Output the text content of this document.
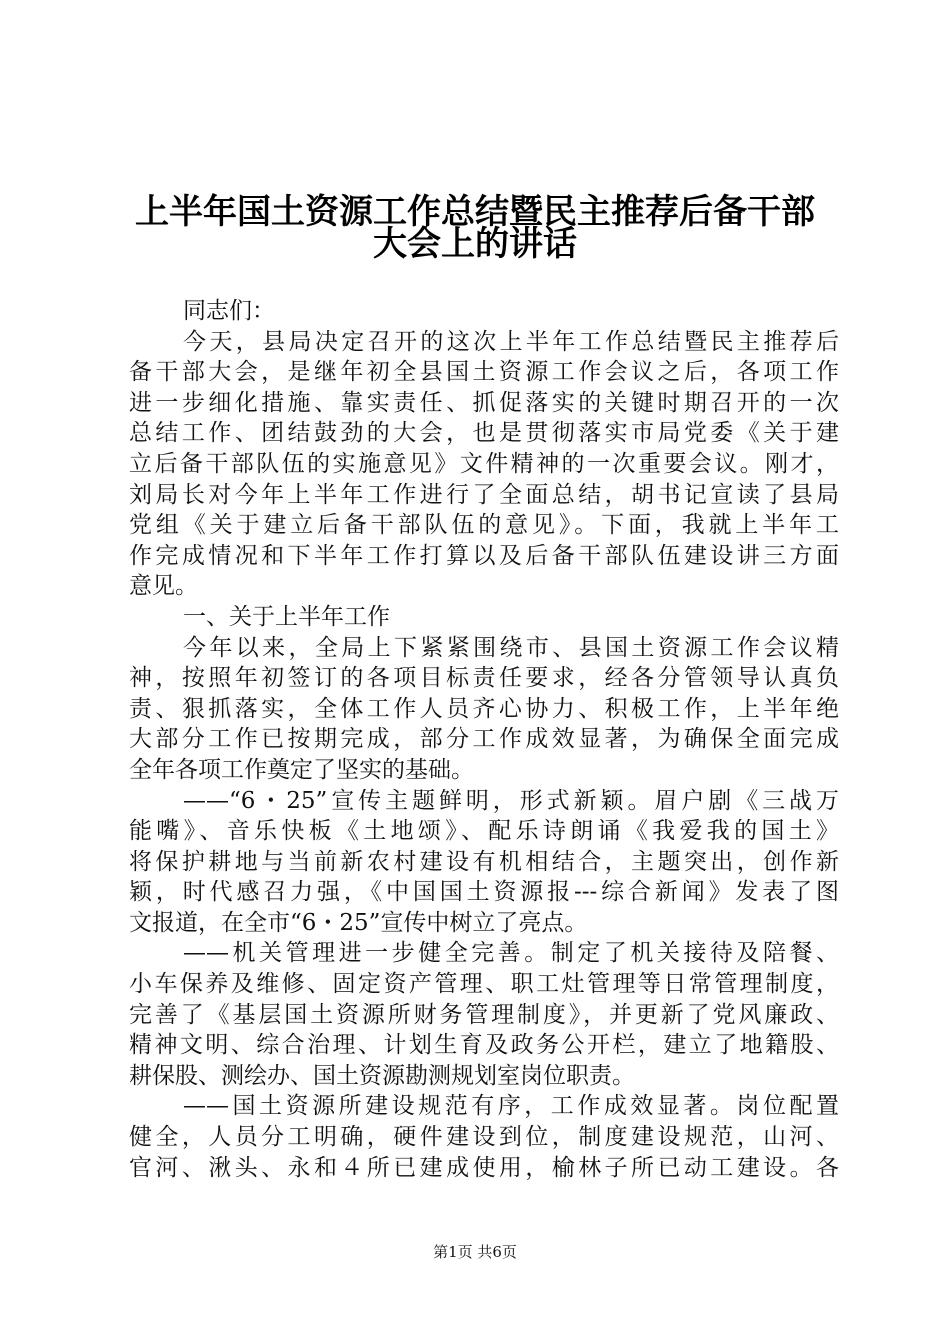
上半年国土资源工作总结暨民主推荐后备干部
大会上的讲话
同志们：
今天，县局决定召开的这次上半年工作总结暨民主推荐后
备干部大会，是继年初全县国土资源工作会议之后，各项工作
进一步细化措施、靠实责任、抓促落实的关键时期召开的一次
总结工作、团结鼓劲的大会，也是贯彻落实市局党委《关于建
立后备干部队伍的实施意见》文件精神的一次重要会议。刚才，
刘局长对今年上半年工作进行了全面总结，胡书记宣读了县局
党组《关于建立后备干部队伍的意见》。下面，我就上半年工
作完成情况和下半年工作打算以及后备干部队伍建设讲三方面
意见。
一、关于上半年工作
今年以来，全局上下紧紧围绕市、县国土资源工作会议精
神，按照年初签订的各项目标责任要求，经各分管领导认真负
责、狠抓落实，全体工作人员齐心协力、积极工作，上半年绝
大部分工作已按期完成，部分工作成效显著，为确保全面完成
全年各项工作奠定了坚实的基础。
——“6・25”宣传主题鲜明，形式新颖。眉户剧《三战万
能嘴》、音乐快板《土地颂》、配乐诗朗诵《我爱我的国土》
将保护耕地与当前新农村建设有机相结合，主题突出，创作新
颖，时代感召力强，《中国国土资源报---综合新闻》发表了图
文报道，在全市“6・25”宣传中树立了亮点。
——机关管理进一步健全完善。制定了机关接待及陪餐、
小车保养及维修、固定资产管理、职工灶管理等日常管理制度，
完善了《基层国土资源所财务管理制度》，并更新了党风廉政、
精神文明、综合治理、计划生育及政务公开栏，建立了地籍股、
耕保股、测绘办、国土资源勘测规划室岗位职责。
——国土资源所建设规范有序，工作成效显著。岗位配置
健全，人员分工明确，硬件建设到位，制度建设规范，山河、
官河、湫头、永和４所已建成使用，榆林子所已动工建设。各
第1页 共6页
